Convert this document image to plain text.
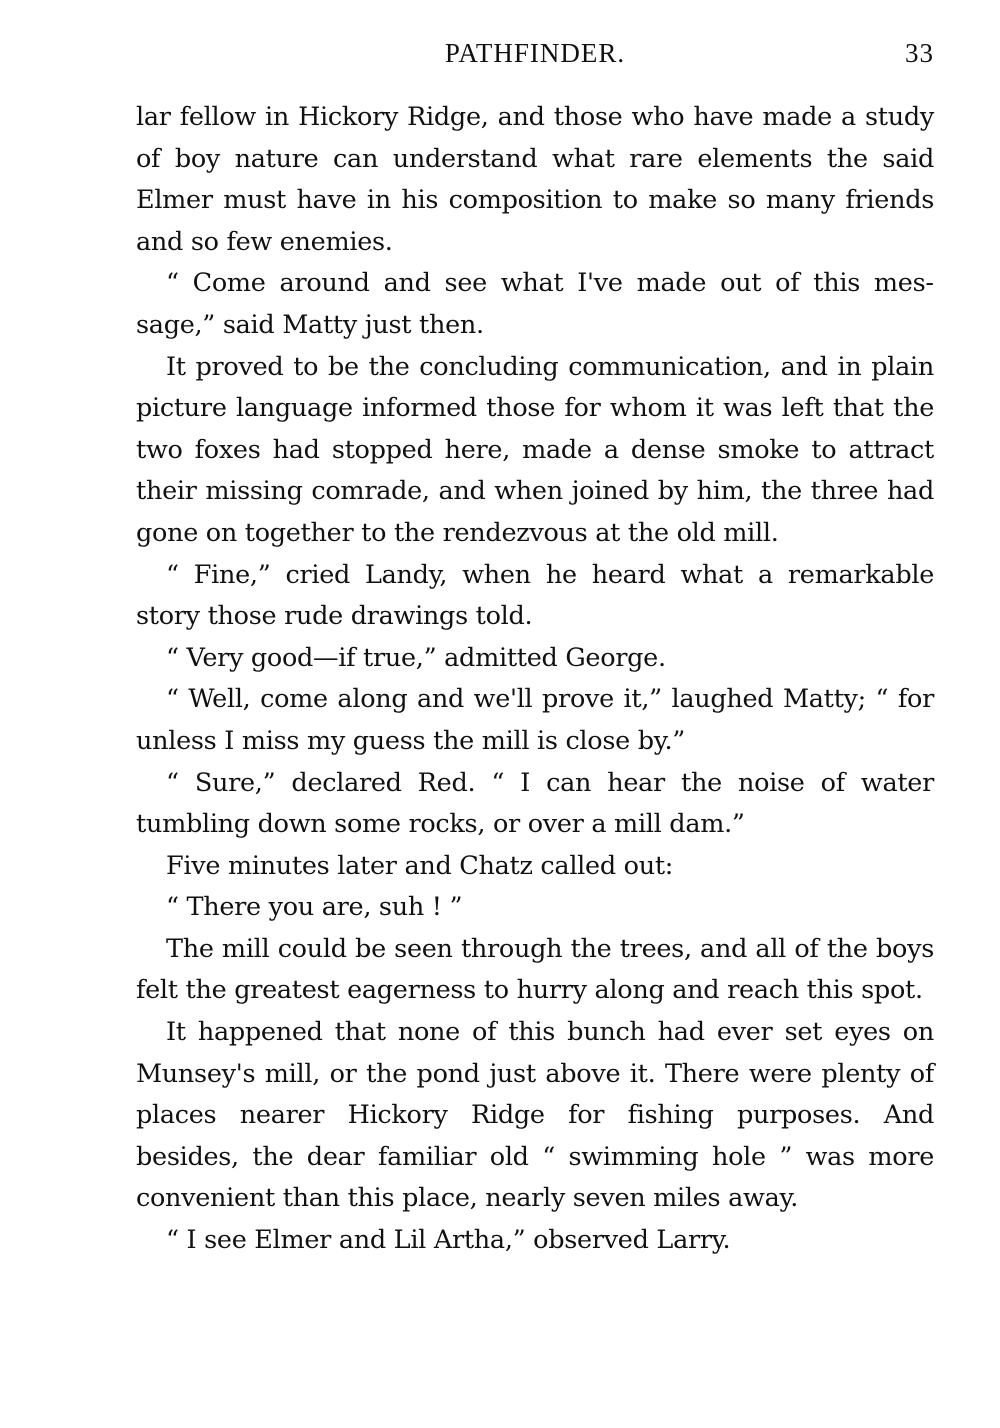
PATHFINDER.	33

lar fellow in Hickory Ridge, and those who have made a study of boy nature can understand what rare elements the said Elmer must have in his composition to make so many friends and so few enemies.

“ Come around and see what I've made out of this message,” said Matty just then.

It proved to be the concluding communication, and in plain picture language informed those for whom it was left that the two foxes had stopped here, made a dense smoke to attract their missing comrade, and when joined by him, the three had gone on together to the rendezvous at the old mill.

“ Fine,” cried Landy, when he heard what a remarkable story those rude drawings told.

“ Very good—if true,” admitted George.

“ Well, come along and we'll prove it,” laughed Matty; “ for unless I miss my guess the mill is close by.”

“ Sure,” declared Red. “ I can hear the noise of water tumbling down some rocks, or over a mill dam.”

Five minutes later and Chatz called out:

“ There you are, suh ! ”

The mill could be seen through the trees, and all of the boys felt the greatest eagerness to hurry along and reach this spot.

It happened that none of this bunch had ever set eyes on Munsey's mill, or the pond just above it. There were plenty of places nearer Hickory Ridge for fishing purposes. And besides, the dear familiar old “ swimming hole ” was more convenient than this place, nearly seven miles away.

“ I see Elmer and Lil Artha,” observed Larry.
